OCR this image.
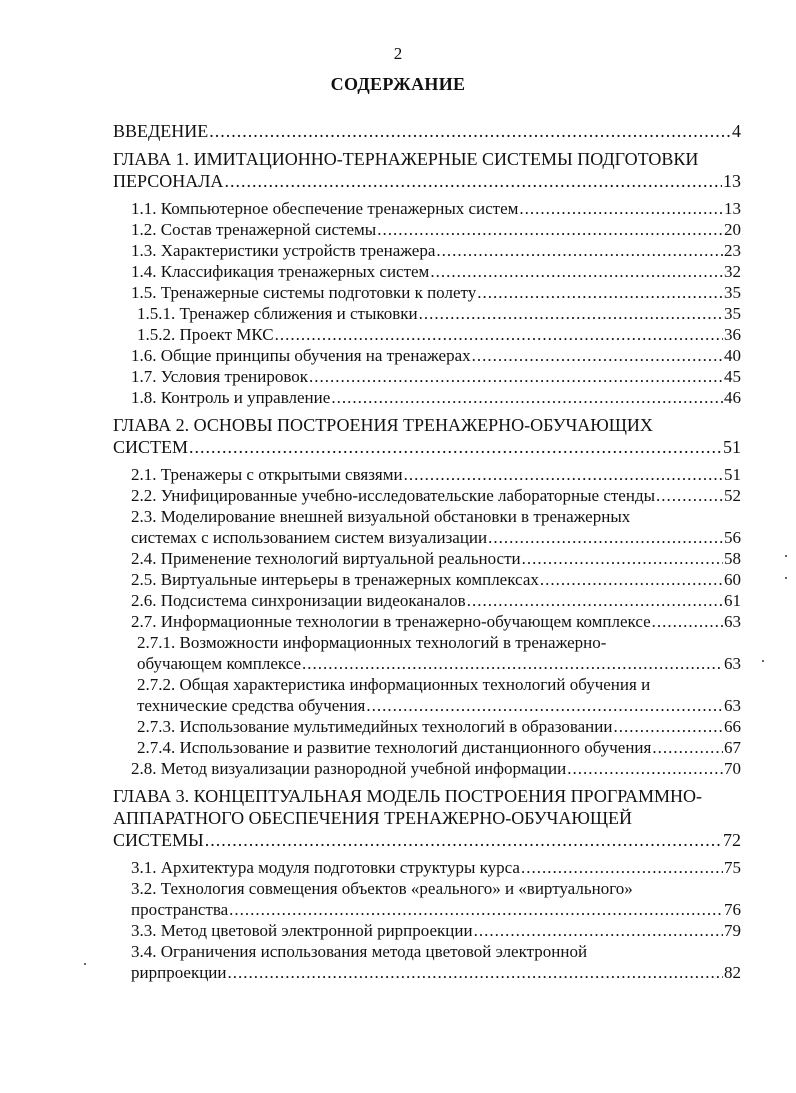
2
СОДЕРЖАНИЕ
ВВЕДЕНИЕ .....	4
ГЛАВА 1. ИМИТАЦИОННО-ТЕРНАЖЕРНЫЕ СИСТЕМЫ ПОДГОТОВКИ
ПЕРСОНАЛА .....	13
1.1. Компьютерное обеспечение тренажерных систем .....	13
1.2. Состав тренажерной системы .....	20
1.3. Характеристики устройств тренажера .....	23
1.4. Классификация тренажерных систем .....	32
1.5. Тренажерные системы подготовки к полету .....	35
1.5.1. Тренажер сближения и стыковки .....	35
1.5.2. Проект МКС .....	36
1.6. Общие принципы обучения на тренажерах .....	40
1.7. Условия тренировок .....	45
1.8. Контроль и управление .....	46
ГЛАВА 2. ОСНОВЫ ПОСТРОЕНИЯ ТРЕНАЖЕРНО-ОБУЧАЮЩИХ
СИСТЕМ .....	51
2.1. Тренажеры с открытыми связями .....	51
2.2. Унифицированные учебно-исследовательские лабораторные стенды .....	52
2.3. Моделирование внешней визуальной обстановки в тренажерных
системах с использованием систем визуализации .....	56
2.4. Применение технологий виртуальной реальности .....	58
2.5. Виртуальные интерьеры в тренажерных комплексах .....	60
2.6. Подсистема синхронизации видеоканалов .....	61
2.7. Информационные технологии в тренажерно-обучающем комплексе .....	63
2.7.1. Возможности информационных технологий в тренажерно-
обучающем комплексе .....	63
2.7.2. Общая характеристика информационных технологий обучения и
технические средства обучения .....	63
2.7.3. Использование мультимедийных технологий в образовании .....	66
2.7.4. Использование и развитие технологий дистанционного обучения .....	67
2.8. Метод визуализации разнородной учебной информации .....	70
ГЛАВА 3. КОНЦЕПТУАЛЬНАЯ МОДЕЛЬ ПОСТРОЕНИЯ ПРОГРАММНО-
АППАРАТНОГО ОБЕСПЕЧЕНИЯ ТРЕНАЖЕРНО-ОБУЧАЮЩЕЙ
СИСТЕМЫ .....	72
3.1. Архитектура модуля подготовки структуры курса .....	75
3.2. Технология совмещения объектов «реального» и «виртуального»
пространства .....	76
3.3. Метод цветовой электронной рирпроекции .....	79
3.4. Ограничения использования метода цветовой электронной
рирпроекции .....	82
